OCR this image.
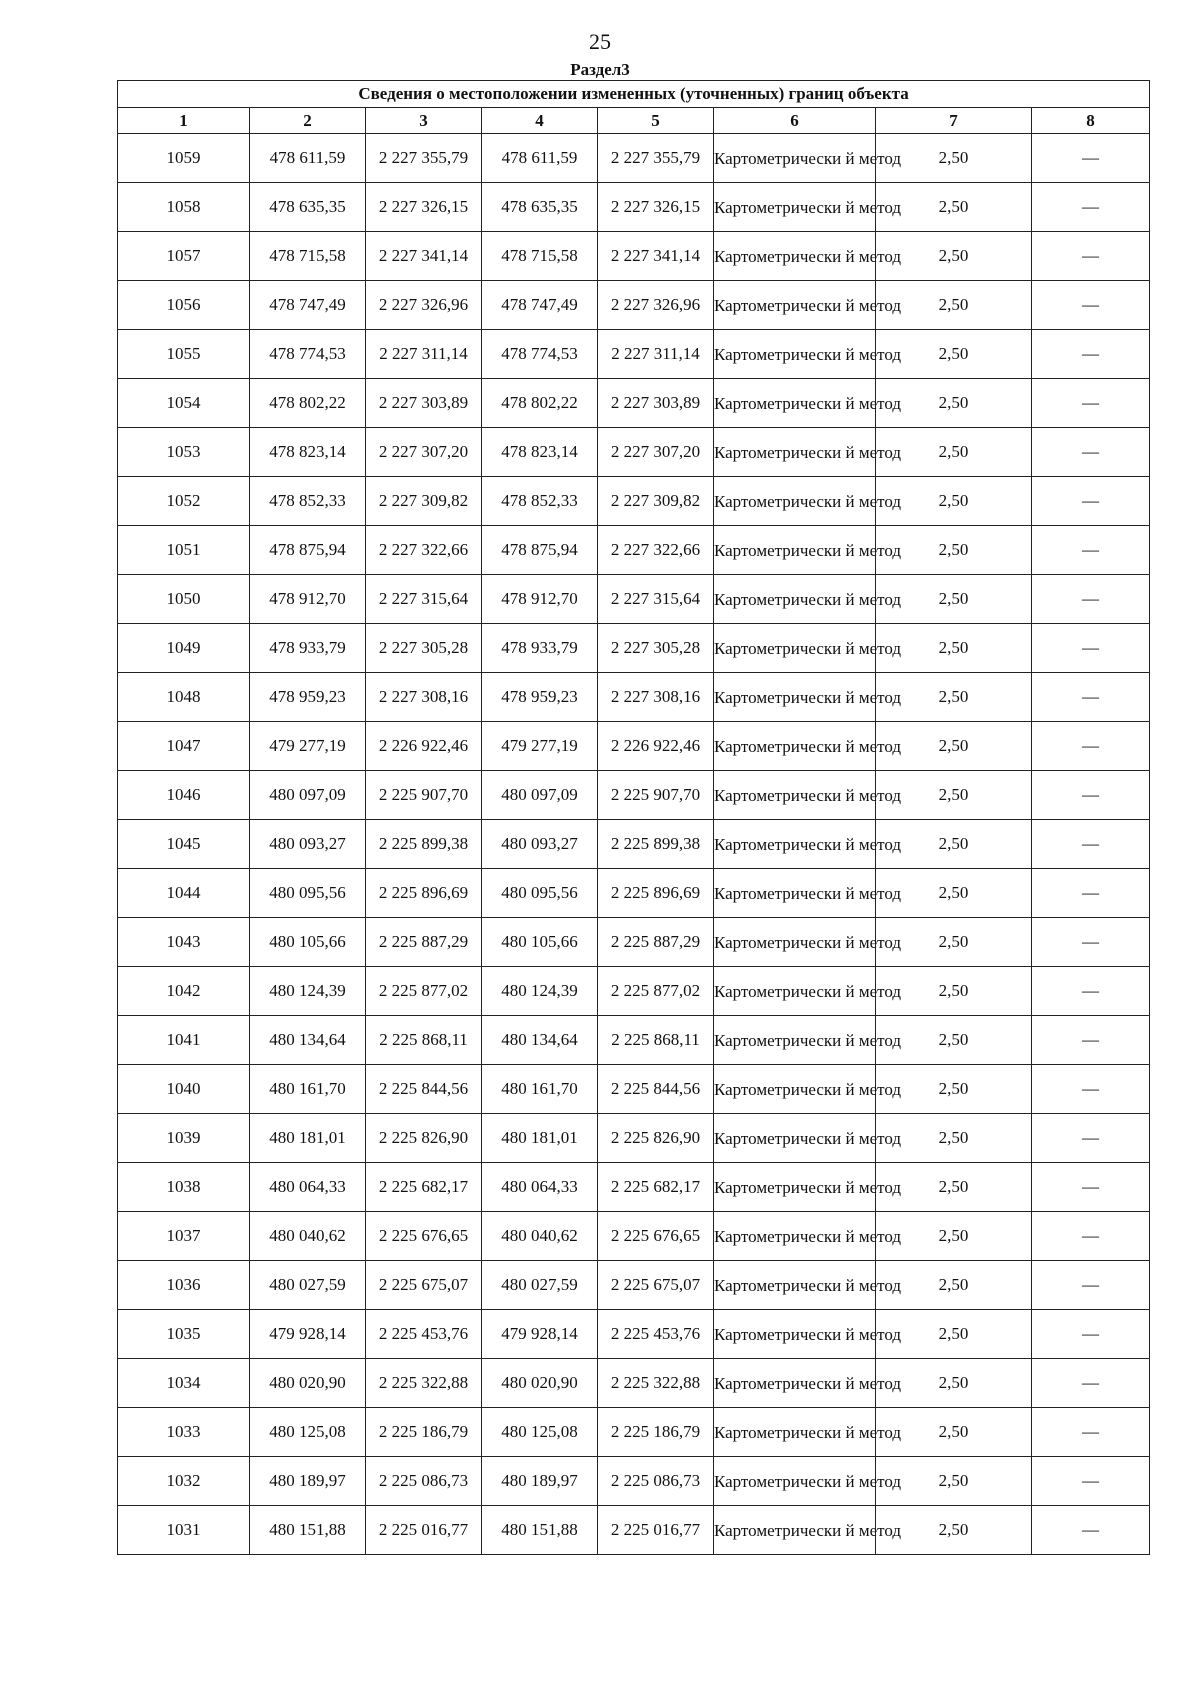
25
Раздел3
Сведения о местоположении измененных (уточненных) границ объекта							
1	2	3	4	5	6	7	8
1059	478 611,59	2 227 355,79	478 611,59	2 227 355,79	Картометрически й метод	2,50	—
1058	478 635,35	2 227 326,15	478 635,35	2 227 326,15	Картометрически й метод	2,50	—
1057	478 715,58	2 227 341,14	478 715,58	2 227 341,14	Картометрически й метод	2,50	—
1056	478 747,49	2 227 326,96	478 747,49	2 227 326,96	Картометрически й метод	2,50	—
1055	478 774,53	2 227 311,14	478 774,53	2 227 311,14	Картометрически й метод	2,50	—
1054	478 802,22	2 227 303,89	478 802,22	2 227 303,89	Картометрически й метод	2,50	—
1053	478 823,14	2 227 307,20	478 823,14	2 227 307,20	Картометрически й метод	2,50	—
1052	478 852,33	2 227 309,82	478 852,33	2 227 309,82	Картометрически й метод	2,50	—
1051	478 875,94	2 227 322,66	478 875,94	2 227 322,66	Картометрически й метод	2,50	—
1050	478 912,70	2 227 315,64	478 912,70	2 227 315,64	Картометрически й метод	2,50	—
1049	478 933,79	2 227 305,28	478 933,79	2 227 305,28	Картометрически й метод	2,50	—
1048	478 959,23	2 227 308,16	478 959,23	2 227 308,16	Картометрически й метод	2,50	—
1047	479 277,19	2 226 922,46	479 277,19	2 226 922,46	Картометрически й метод	2,50	—
1046	480 097,09	2 225 907,70	480 097,09	2 225 907,70	Картометрически й метод	2,50	—
1045	480 093,27	2 225 899,38	480 093,27	2 225 899,38	Картометрически й метод	2,50	—
1044	480 095,56	2 225 896,69	480 095,56	2 225 896,69	Картометрически й метод	2,50	—
1043	480 105,66	2 225 887,29	480 105,66	2 225 887,29	Картометрически й метод	2,50	—
1042	480 124,39	2 225 877,02	480 124,39	2 225 877,02	Картометрически й метод	2,50	—
1041	480 134,64	2 225 868,11	480 134,64	2 225 868,11	Картометрически й метод	2,50	—
1040	480 161,70	2 225 844,56	480 161,70	2 225 844,56	Картометрически й метод	2,50	—
1039	480 181,01	2 225 826,90	480 181,01	2 225 826,90	Картометрически й метод	2,50	—
1038	480 064,33	2 225 682,17	480 064,33	2 225 682,17	Картометрически й метод	2,50	—
1037	480 040,62	2 225 676,65	480 040,62	2 225 676,65	Картометрически й метод	2,50	—
1036	480 027,59	2 225 675,07	480 027,59	2 225 675,07	Картометрически й метод	2,50	—
1035	479 928,14	2 225 453,76	479 928,14	2 225 453,76	Картометрически й метод	2,50	—
1034	480 020,90	2 225 322,88	480 020,90	2 225 322,88	Картометрически й метод	2,50	—
1033	480 125,08	2 225 186,79	480 125,08	2 225 186,79	Картометрически й метод	2,50	—
1032	480 189,97	2 225 086,73	480 189,97	2 225 086,73	Картометрически й метод	2,50	—
1031	480 151,88	2 225 016,77	480 151,88	2 225 016,77	Картометрически й метод	2,50	—
